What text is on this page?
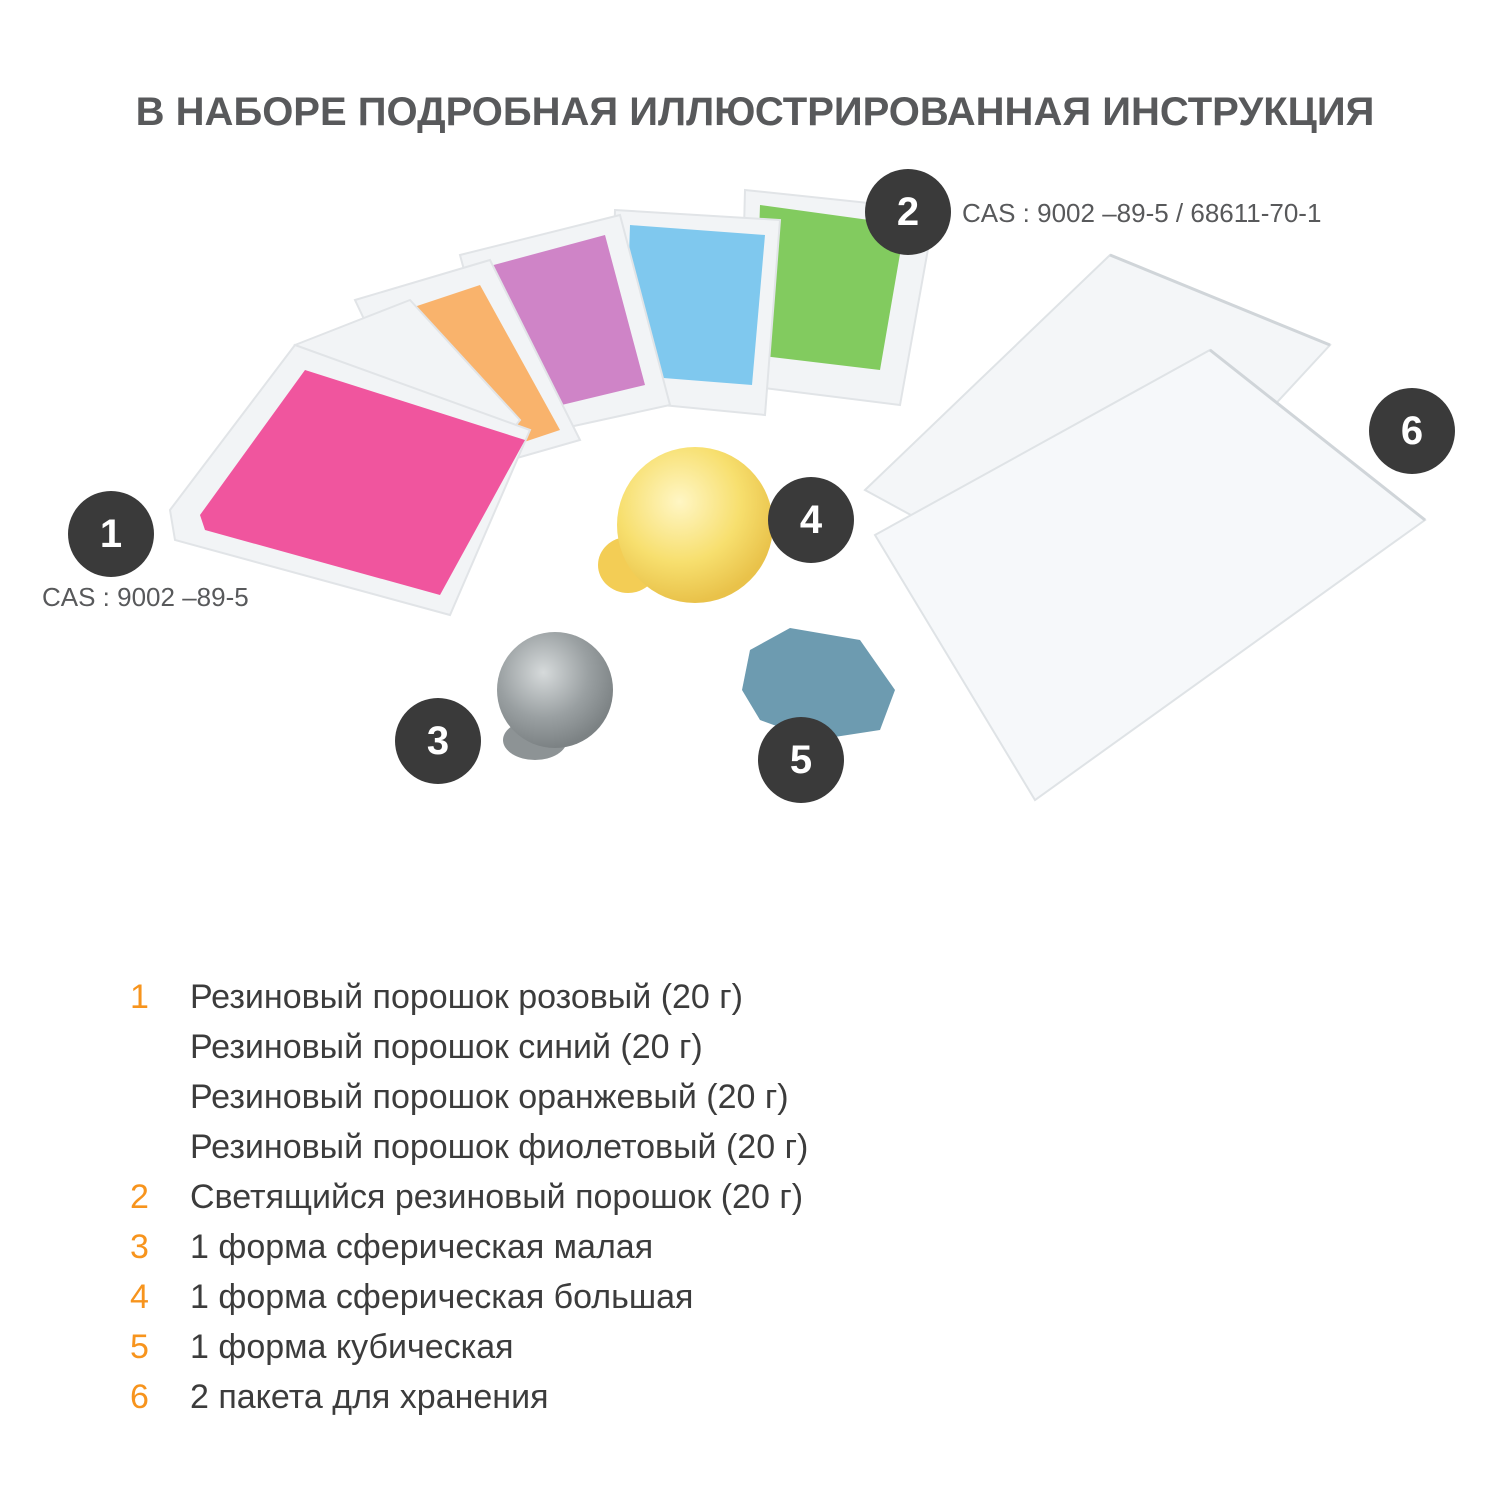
В НАБОРЕ ПОДРОБНАЯ ИЛЛЮСТРИРОВАННАЯ ИНСТРУКЦИЯ
1
2
3
4
5
6
CAS : 9002 –89-5
CAS : 9002 –89-5 / 68611-70-1
1	Резиновый порошок розовый (20 г)
Резиновый порошок синий (20 г)
Резиновый порошок оранжевый (20 г)
Резиновый порошок фиолетовый (20 г)
2	Светящийся резиновый порошок (20 г)
3	1 форма сферическая малая
4	1 форма сферическая большая
5	1 форма кубическая
6	2 пакета для хранения
